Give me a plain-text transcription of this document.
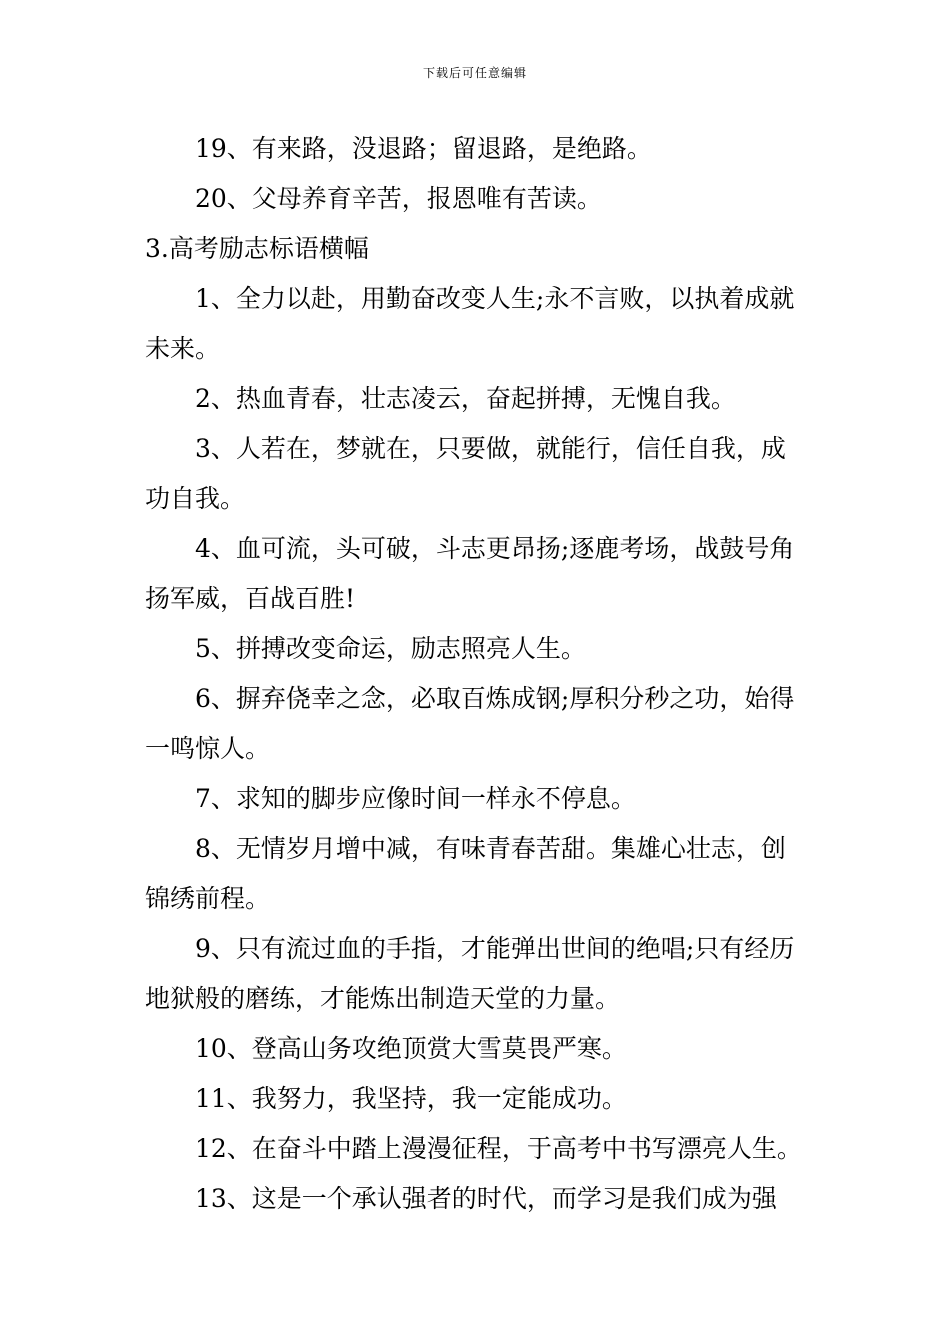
下载后可任意编辑

19、有来路，没退路；留退路，是绝路。

20、父母养育辛苦，报恩唯有苦读。

3.高考励志标语横幅

1、全力以赴，用勤奋改变人生;永不言败，以执着成就未来。

2、热血青春，壮志凌云，奋起拼搏，无愧自我。

3、人若在，梦就在，只要做，就能行，信任自我，成功自我。

4、血可流，头可破，斗志更昂扬;逐鹿考场，战鼓号角扬军威，百战百胜!

5、拼搏改变命运，励志照亮人生。

6、摒弃侥幸之念，必取百炼成钢;厚积分秒之功，始得一鸣惊人。

7、求知的脚步应像时间一样永不停息。

8、无情岁月增中减，有味青春苦甜。集雄心壮志，创锦绣前程。

9、只有流过血的手指，才能弹出世间的绝唱;只有经历地狱般的磨练，才能炼出制造天堂的力量。

10、登高山务攻绝顶赏大雪莫畏严寒。

11、我努力，我坚持，我一定能成功。

12、在奋斗中踏上漫漫征程，于高考中书写漂亮人生。

13、这是一个承认强者的时代，而学习是我们成为强
